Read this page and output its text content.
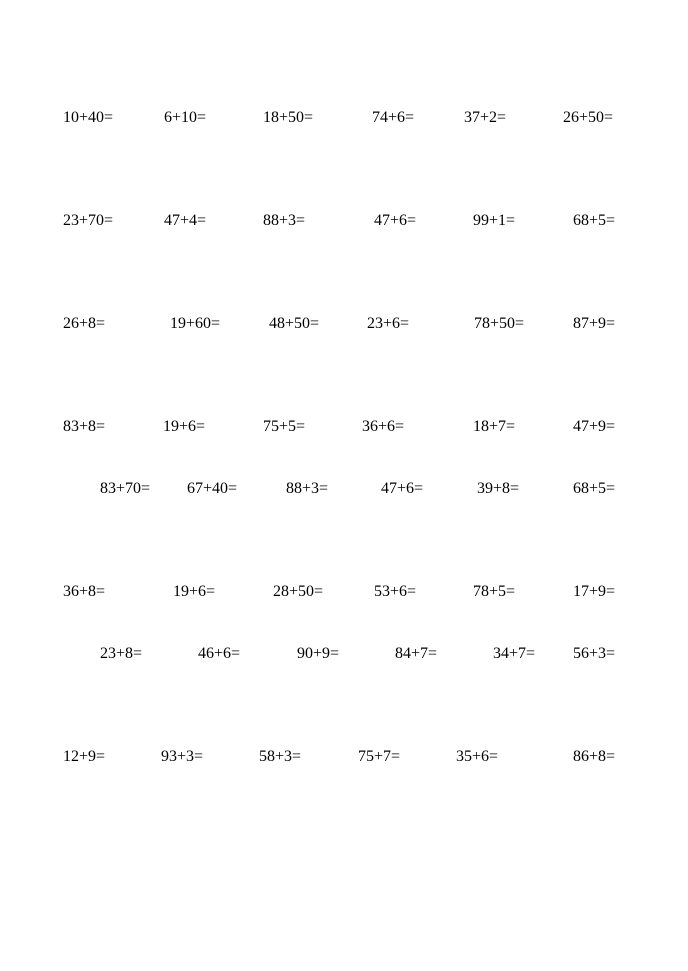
10+40=	6+10=	18+50=	74+6=	37+2=	26+50=
23+70=	47+4=	88+3=	47+6=	99+1=	68+5=
26+8=	19+60=	48+50=	23+6=	78+50=	87+9=
83+8=	19+6=	75+5=	36+6=	18+7=	47+9=
83+70= 67+40=	88+3=	47+6=	39+8=	68+5=
36+8=	19+6=	28+50=	53+6=	78+5=	17+9=
23+8=	46+6=	90+9=	84+7=	34+7= 56+3=
12+9=	93+3=	58+3=	75+7=	35+6=	86+8=
